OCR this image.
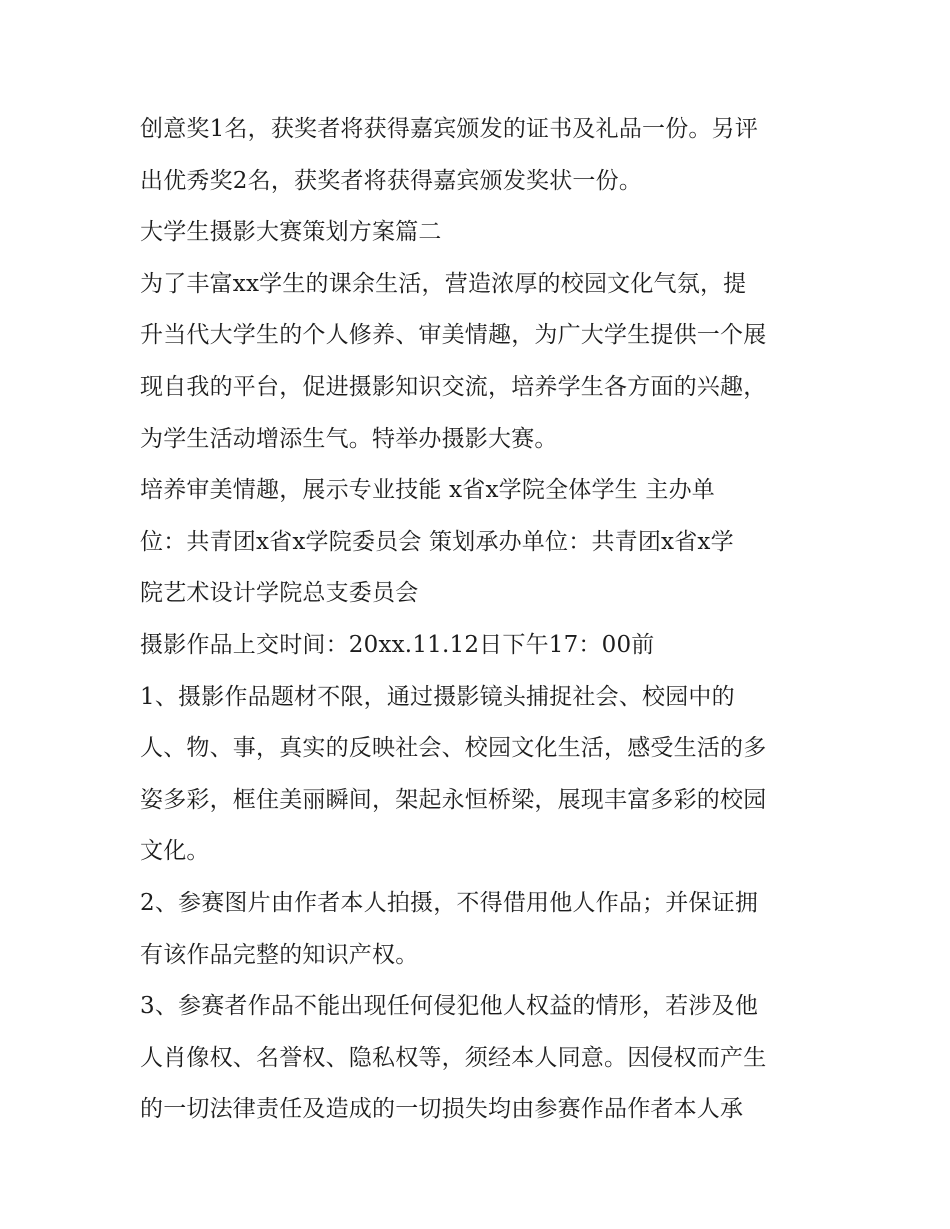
创意奖1名，获奖者将获得嘉宾颁发的证书及礼品一份。另评
出优秀奖2名，获奖者将获得嘉宾颁发奖状一份。
大学生摄影大赛策划方案篇二
为了丰富xx学生的课余生活，营造浓厚的校园文化气氛，提
升当代大学生的个人修养、审美情趣，为广大学生提供一个展
现自我的平台，促进摄影知识交流，培养学生各方面的兴趣，
为学生活动增添生气。特举办摄影大赛。
培养审美情趣，展示专业技能 x省x学院全体学生 主办单
位：共青团x省x学院委员会 策划承办单位：共青团x省x学
院艺术设计学院总支委员会
摄影作品上交时间：20xx.11.12日下午17：00前
1、摄影作品题材不限，通过摄影镜头捕捉社会、校园中的
人、物、事，真实的反映社会、校园文化生活，感受生活的多
姿多彩，框住美丽瞬间，架起永恒桥梁，展现丰富多彩的校园
文化。
2、参赛图片由作者本人拍摄，不得借用他人作品；并保证拥
有该作品完整的知识产权。
3、参赛者作品不能出现任何侵犯他人权益的情形，若涉及他
人肖像权、名誉权、隐私权等，须经本人同意。因侵权而产生
的一切法律责任及造成的一切损失均由参赛作品作者本人承
